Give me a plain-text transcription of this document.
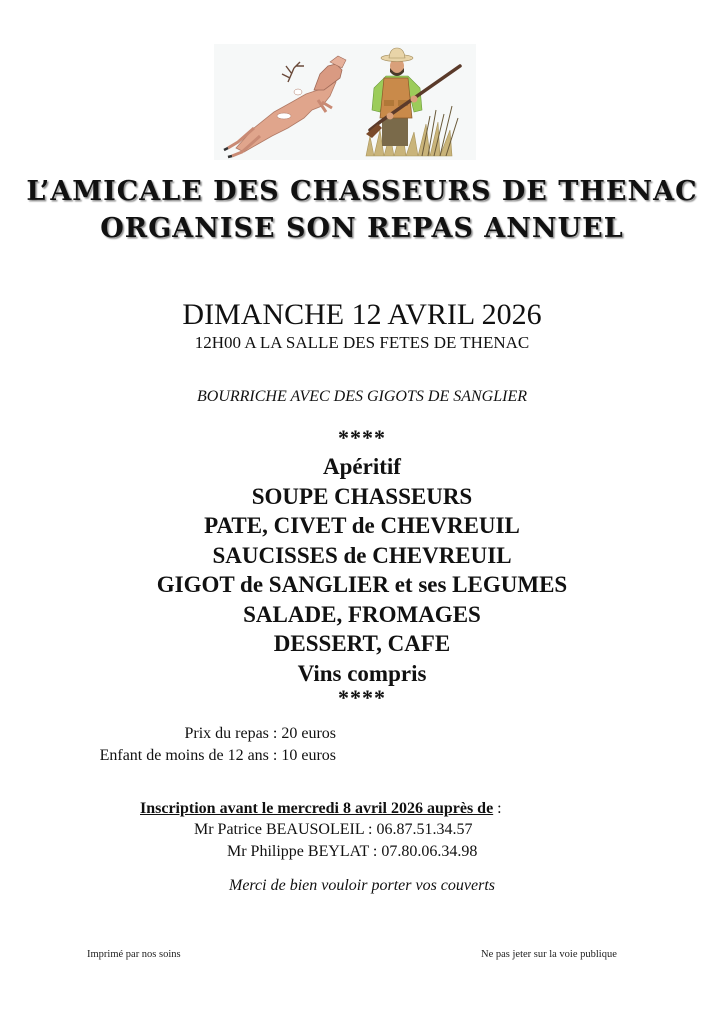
L’AMICALE DES CHASSEURS DE THENAC
ORGANISE SON REPAS ANNUEL
DIMANCHE 12 AVRIL 2026
12H00 A LA SALLE DES FETES DE THENAC
BOURRICHE AVEC DES GIGOTS DE SANGLIER
****
Apéritif
SOUPE CHASSEURS
PATE, CIVET de CHEVREUIL
SAUCISSES de CHEVREUIL
GIGOT de SANGLIER et ses LEGUMES
SALADE, FROMAGES
DESSERT, CAFE
Vins compris
****
Prix du repas : 20 euros
Enfant de moins de 12 ans : 10 euros
Inscription avant le mercredi 8 avril 2026 auprès de :
Mr Patrice BEAUSOLEIL : 06.87.51.34.57
Mr Philippe BEYLAT : 07.80.06.34.98
Merci de bien vouloir porter vos couverts
Imprimé par nos soins	Ne pas jeter sur la voie publique
